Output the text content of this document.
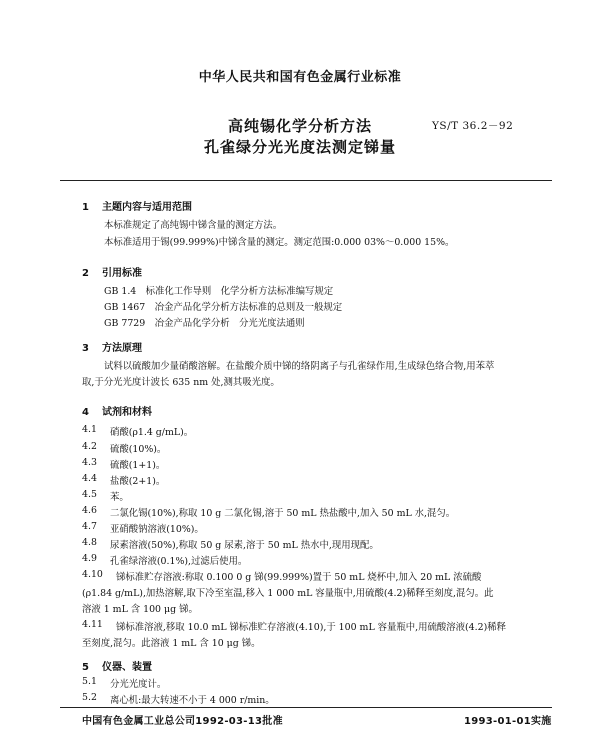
中华人民共和国有色金属行业标准
高纯锡化学分析方法
孔雀绿分光光度法测定锑量
YS/T 36.2－92
1 主题内容与适用范围
本标准规定了高纯锡中锑含量的测定方法。
本标准适用于锡(99.999%)中锑含量的测定。测定范围:0.000 03%～0.000 15%。
2 引用标准
GB 1.4　标准化工作导则　化学分析方法标准编写规定
GB 1467　冶金产品化学分析方法标准的总则及一般规定
GB 7729　冶金产品化学分析　分光光度法通则
3 方法原理
试料以硫酸加少量硝酸溶解。在盐酸介质中锑的络阴离子与孔雀绿作用,生成绿色络合物,用苯萃
取,于分光光度计波长 635 nm 处,测其吸光度。
4 试剂和材料
4.1 硝酸(ρ1.4 g/mL)。
4.2 硫酸(10%)。
4.3 硫酸(1+1)。
4.4 盐酸(2+1)。
4.5 苯。
4.6 二氯化锡(10%),称取 10 g 二氯化锡,溶于 50 mL 热盐酸中,加入 50 mL 水,混匀。
4.7 亚硝酸钠溶液(10%)。
4.8 尿素溶液(50%),称取 50 g 尿素,溶于 50 mL 热水中,现用现配。
4.9 孔雀绿溶液(0.1%),过滤后使用。
4.10 锑标准贮存溶液:称取 0.100 0 g 锑(99.999%)置于 50 mL 烧杯中,加入 20 mL 浓硫酸
(ρ1.84 g/mL),加热溶解,取下冷至室温,移入 1 000 mL 容量瓶中,用硫酸(4.2)稀释至刻度,混匀。此
溶液 1 mL 含 100 μg 锑。
4.11 锑标准溶液,移取 10.0 mL 锑标准贮存溶液(4.10),于 100 mL 容量瓶中,用硫酸溶液(4.2)稀释
至刻度,混匀。此溶液 1 mL 含 10 μg 锑。
5 仪器、装置
5.1 分光光度计。
5.2 离心机:最大转速不小于 4 000 r/min。
中国有色金属工业总公司1992-03-13批准	1993-01-01实施
